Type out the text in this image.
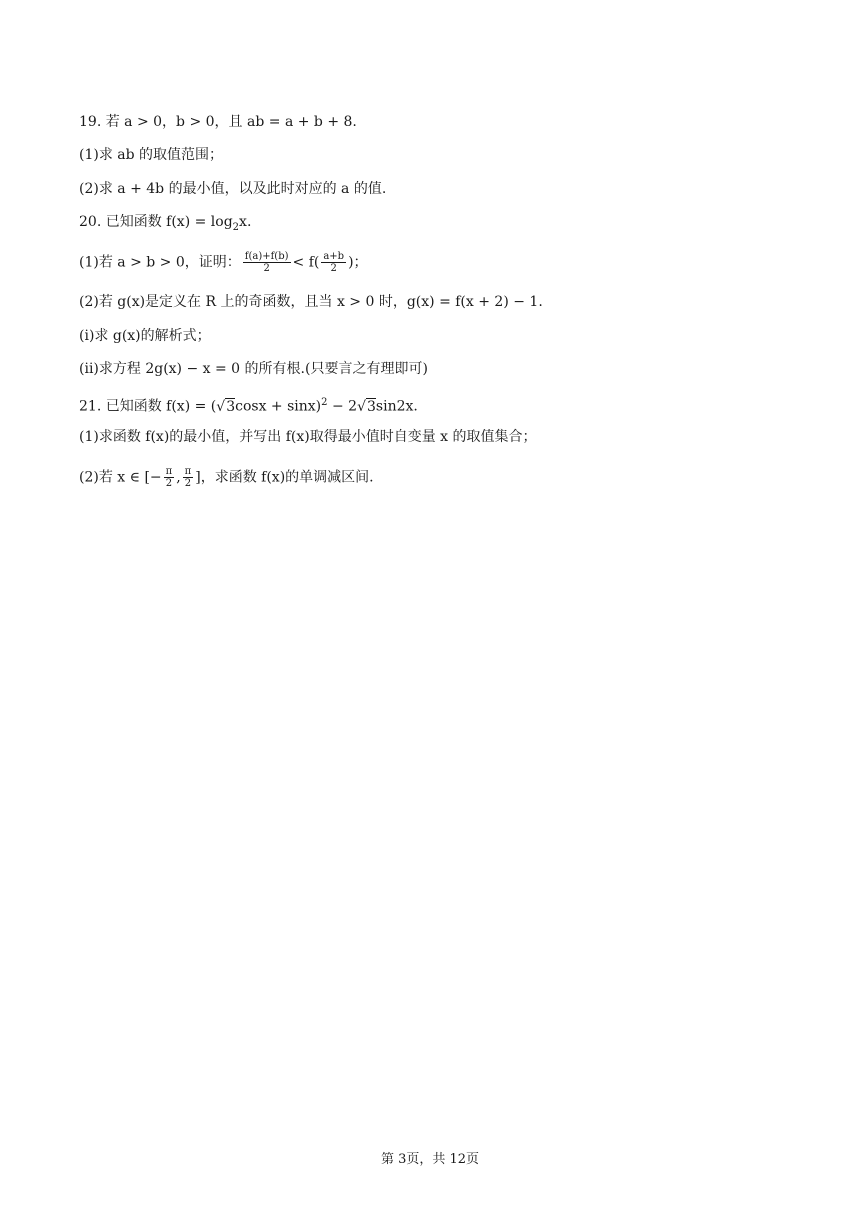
19. 若 a > 0，b > 0，且 ab = a + b + 8.
(1)求 ab 的取值范围；
(2)求 a + 4b 的最小值，以及此时对应的 a 的值.
20. 已知函数 $f(x) = \log_2x$.
(1)若 a > b > 0，证明： $\frac{f(a)+f(b)}{2} < f( \frac{a+b}{2}$ )；
(2)若 g(x)是定义在 R 上的奇函数，且当 x > 0 时，g(x) = f(x + 2) − 1.
(ⅰ)求 g(x)的解析式；
(ⅱ)求方程 2g(x) − x = 0 的所有根.(只要言之有理即可)
21. 已知函数 $f(x) = (√3\cos x + \sin x)^2 - 2√3\sin 2x$.
(1)求函数 f(x)的最小值，并写出 f(x)取得最小值时自变量 x 的取值集合；
(2)若 x ∈ [− $\frac{\pi}{2}$ , $\frac{\pi}{2}$ ]，求函数 f(x)的单调减区间.
第 3页，共 12页
